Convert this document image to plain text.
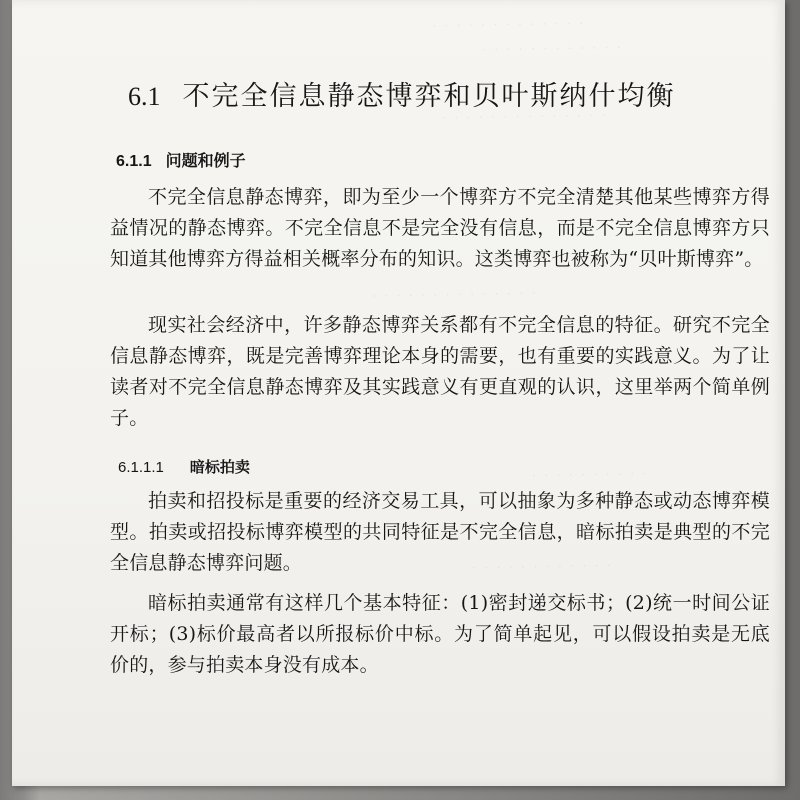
· · · · · · · · · · · · ·
· · · · · · · · · · · ·
· · · · · · · · · · · · · ·
· · · · · · · · · · · · · ·
· · · · · · · · · ·
· · · · · · · · · · · ·
6.1 不完全信息静态博弈和贝叶斯纳什均衡
6.1.1 问题和例子

不完全信息静态博弈，即为至少一个博弈方不完全清楚其他某些博弈方得益情况的静态博弈。不完全信息不是完全没有信息，而是不完全信息博弈方只知道其他博弈方得益相关概率分布的知识。这类博弈也被称为“贝叶斯博弈”。

现实社会经济中，许多静态博弈关系都有不完全信息的特征。研究不完全信息静态博弈，既是完善博弈理论本身的需要，也有重要的实践意义。为了让读者对不完全信息静态博弈及其实践意义有更直观的认识，这里举两个简单例子。

6.1.1.1 暗标拍卖

拍卖和招投标是重要的经济交易工具，可以抽象为多种静态或动态博弈模型。拍卖或招投标博弈模型的共同特征是不完全信息，暗标拍卖是典型的不完全信息静态博弈问题。

暗标拍卖通常有这样几个基本特征：(1)密封递交标书；(2)统一时间公证开标；(3)标价最高者以所报标价中标。为了简单起见，可以假设拍卖是无底价的，参与拍卖本身没有成本。
